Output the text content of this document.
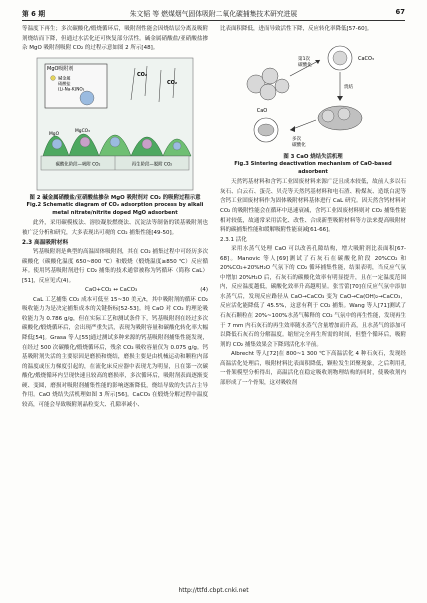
第 6 期	朱文韬 等 燃煤烟气固体吸附二氧化碳捕集技术研究进展	67

等温度下再生；多次碳酸化/煅烧循环后，吸附剂性能会因烧结层分离及吸附剂烧结而下降，但通过水活化还可恢复部分活性。碱金属硝酸盐/亚硝酸盐掺杂 MgO 吸附剂吸附 CO₂ 的过程示意如图 2 所示[48]。

MgO吸附剂
碱金属
硝酸盐
(Li-Na-K)NO₃
CO₂
CO₂
MgO
MgCO₃
碳酸化阶段—吸附 CO₂	再生阶段—脱附 CO₂

图 2 碱金属硝酸盐/亚硝酸盐掺杂 MgO 吸附剂对 CO₂ 的吸附过程示意

Fig.2 Schematic diagram of CO₂ adsorption process by alkali metal nitrate/nitrite doped MgO adsorbent

此外，采用碳模板法、溶胶凝胶燃烧法、沉淀法等制备的镁基吸附剂也被广泛分析和研究，大多表现出可观的 CO₂ 捕集性能[49-50]。

2.3 高温吸附材料

钙基吸附剂是典型的高温固体吸附剂，其在 CO₂ 捕集过程中可经历多次碳酸化（碳酸化温度 650~800 ℃）和煅烧（煅烧温度≥850 ℃）反应循环。使用钙基吸附剂进行 CO₂ 捕集的技术通常被称为钙循环（简称 CaL）[51]，反应见式(4)。

CaO+CO₂ ↔ CaCO₃	(4)

CaL 工艺捕集 CO₂ 成本可低至 15~30 美元/t，其中吸附剂的循环 CO₂ 吸收能力为是决定捕集成本的关键指标[52-53]。纯 CaO 对 CO₂ 的理论吸收能力为 0.786 g/g，但在实际工艺和测试条件下，钙基吸附剂在经过多次碳酸化/煅烧循环后，会出现严重失活，表现为吸附容量和碳酸化转化率大幅降低[54]。Grasa 等人[55]通过测试多种来源的钙基吸附剂捕集性能发现，在经过 500 次碳酸化/煅烧循环后，残余 CO₂ 吸收容量仅为 0.075 g/g。钙基吸附剂失活的主要原因是磨损和烧结，磨损主要是由机械运动和颗粒内部的温度或压力梯度引起的，在流化床反应器中表现尤为明显，且在第一次碳酸化/煅烧循环内呈现快速且较高的磨损率，多次循环后，吸附剂表面逐渐变硬、变圆，磨损对吸附剂捕集性能的影响逐渐降低，烧结导致的失活占主导作用。CaO 烧结失活机理如图 3 所示[56]。CaCO₃ 在煅烧分解过程中温度较高，可能会导致吸附剂晶粒变大、孔隙率减小、

比表面积降低，进而导致活性下降，反应转化率降低[57-60]。

CaO
第1次
碳酸化
CaCO₃
烧结
多次
碳酸化

图 3 CaO 烧结失活机理

Fig.3 Sintering deactivation mechanism of CaO-based adsorbent

天然钙基材料和含钙工业固废材料来源广泛且成本较低，故前人多以石灰石、白云石、蛋壳、贝壳等天然钙基材料和电石渣、粉煤灰、造纸白泥等含钙工业固废材料作为固体吸附材料基体进行 CaL 研究。因天然含钙材料对 CO₂ 的吸附性能会在循环中迅速衰减，含钙工业固废材料则对 CO₂ 捕集性能相对较低，故通常采用活化、改性、合成新型吸附材料等方法来提高吸附材料的碳捕集性能和缓解吸附性能衰减[61-66]。

2.3.1 活化

采用水蒸气处理 CaO 可以改善孔隙结构，增大吸附剂比表面积[67-68]。Manovic 等人[69]测试了石灰石在碳酸化阶段 20%CO₂ 和 20%CO₂+20%H₂O 气氛下的 CO₂ 循环捕集性能，结果表明，当反应气氛中增加 20%H₂O 后，石灰石的碳酸化效率有明显提升，且在一定温度范围内，反应温度越低，碳酸化效率升高越明显。张雪蕾[70]在反应气氛中添加水蒸气后，发现反应路径从 CaO→CaCO₃ 变为 CaO→Ca(OH)₂→CaCO₃，反应活化能降低了 45.5%，这意有利于 CO₂ 捕集。Wang 等人[71]测试了石灰石颗粒在 20%~100%水蒸气稀释的 CO₂ 气氛中的再生性能，发现再生于 7 mm 内石灰石的再生效率随水蒸气含量增加而升高，且水蒸气的添加可以降低石灰石的分解温度。缩短完全再生所需的时间，但整个循环后，吸附剂的 CO₂ 捕集效果会下降到活化水平前。

Albrecht 等人[72]在 800~1 300 ℃下高温活化 4 种石灰石，发现经高温活化处理后，吸附材料比表面积降低，颗粒发生团聚现象，之后利用孔一骨架模型分析得出，高温活化在稳定吸收剂物理结构的同时，使吸收剂内部形成了一个骨架，这对吸收剂

http://ttfd.cbpt.cnki.net
